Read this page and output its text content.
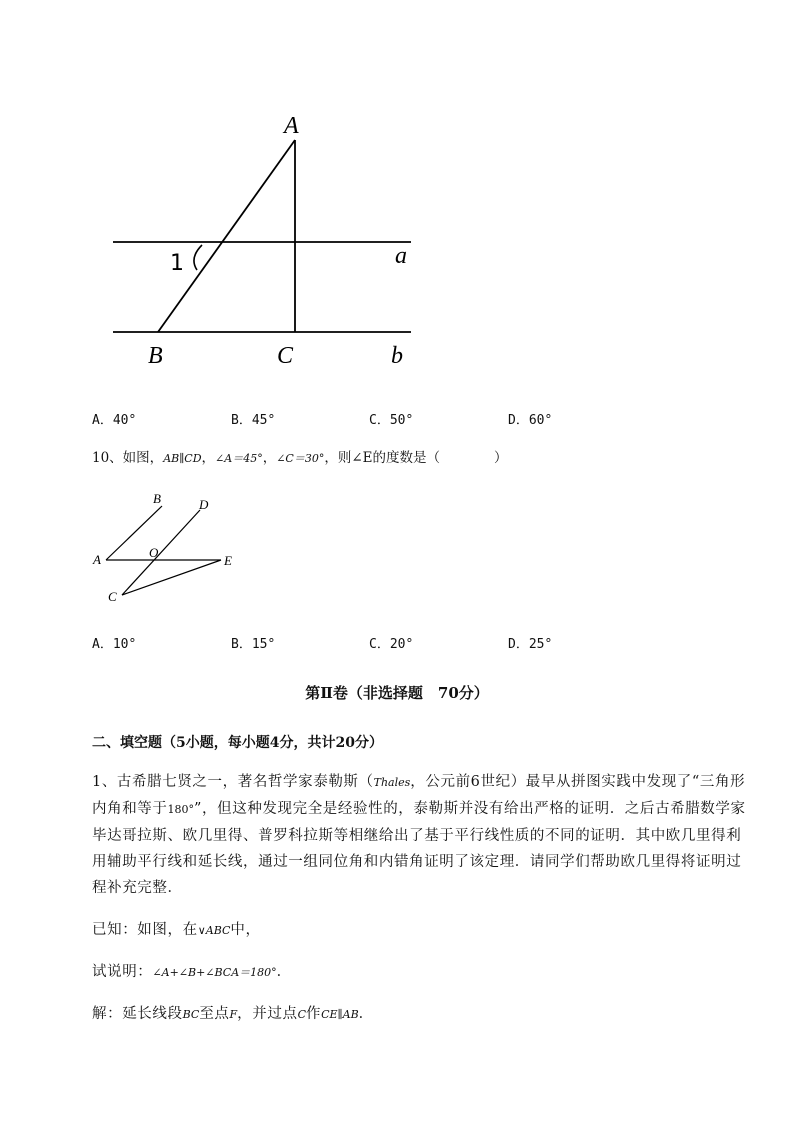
A
1	a
B	C	b
A．40°	B．45°	C．50°	D．60°
10、如图，AB∥CD，∠A＝45°，∠C＝30°，则∠E的度数是（　　　　）
B	D
A	O
E
C
A．10°	B．15°	C．20°	D．25°
第Ⅱ卷（非选择题　70分）
二、填空题（5小题，每小题4分，共计20分）
1、古希腊七贤之一，著名哲学家泰勒斯（Thales，公元前6世纪）最早从拼图实践中发现了“三角形内角和等于180°”，但这种发现完全是经验性的，泰勒斯并没有给出严格的证明．之后古希腊数学家毕达哥拉斯、欧几里得、普罗科拉斯等相继给出了基于平行线性质的不同的证明．其中欧几里得利用辅助平行线和延长线，通过一组同位角和内错角证明了该定理．请同学们帮助欧几里得将证明过程补充完整．
已知：如图，在∨ABC中，
试说明：∠A+∠B+∠BCA＝180°．
解：延长线段BC至点F，并过点C作CE∥AB．
